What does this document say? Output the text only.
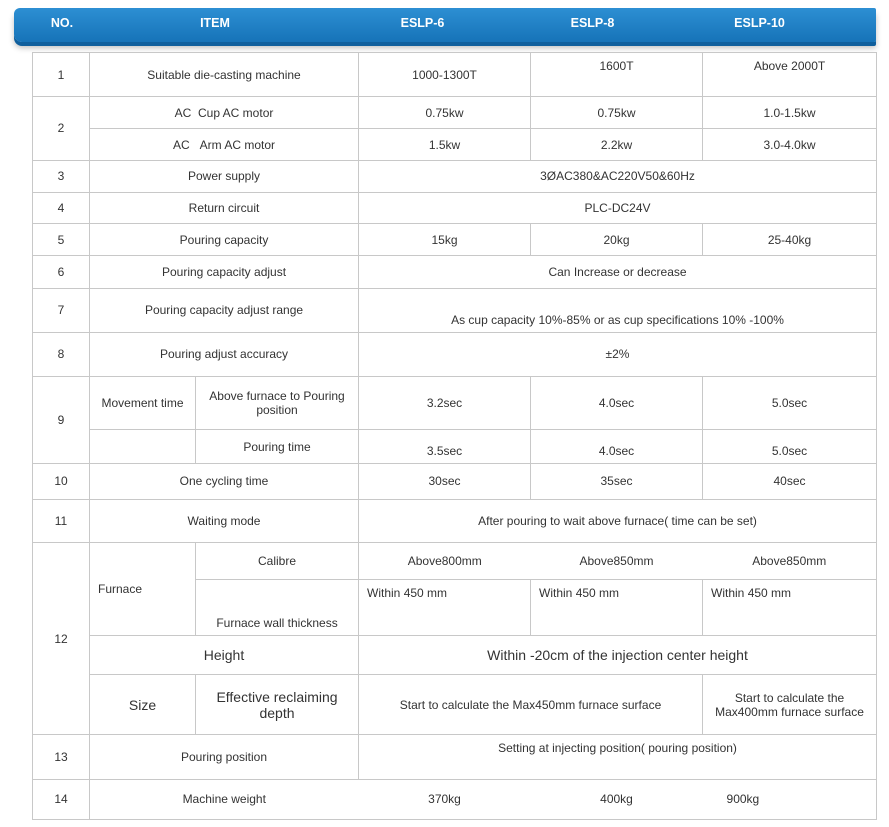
NO.	ITEM	ESLP-6	ESLP-8	ESLP-10
1	Suitable die-casting machine		1000-1300T	1600T	Above 2000T
2	AC  Cup AC motor		0.75kw	0.75kw	1.0-1.5kw
	AC   Arm AC motor		1.5kw	2.2kw	3.0-4.0kw
3	Power supply		3ØAC380&AC220V50&60Hz		
4	Return circuit		PLC-DC24V		
5	Pouring capacity		15kg	20kg	25-40kg
6	Pouring capacity adjust		Can Increase or decrease		
7	Pouring capacity adjust range		As cup capacity 10%-85% or as cup specifications 10% -100%		
8	Pouring adjust accuracy		±2%		
9	Movement time	Above furnace to Pouring position	3.2sec	4.0sec	5.0sec
		Pouring time	3.5sec	4.0sec	5.0sec
10	One cycling time		30sec	35sec	40sec
11	Waiting mode		After pouring to wait above furnace( time can be set)		
12	Furnace	Calibre	Above800mm	Above850mm	Above850mm
		Furnace wall thickness	Within 450 mm	Within 450 mm	Within 450 mm
	Height		Within -20cm of the injection center height		
	Size	Effective reclaiming depth	Start to calculate the Max450mm furnace surface		Start to calculate the Max400mm furnace surface
13	Pouring position		Setting at injecting position( pouring position)		
14	Machine weight		370kg	400kg	900kg
